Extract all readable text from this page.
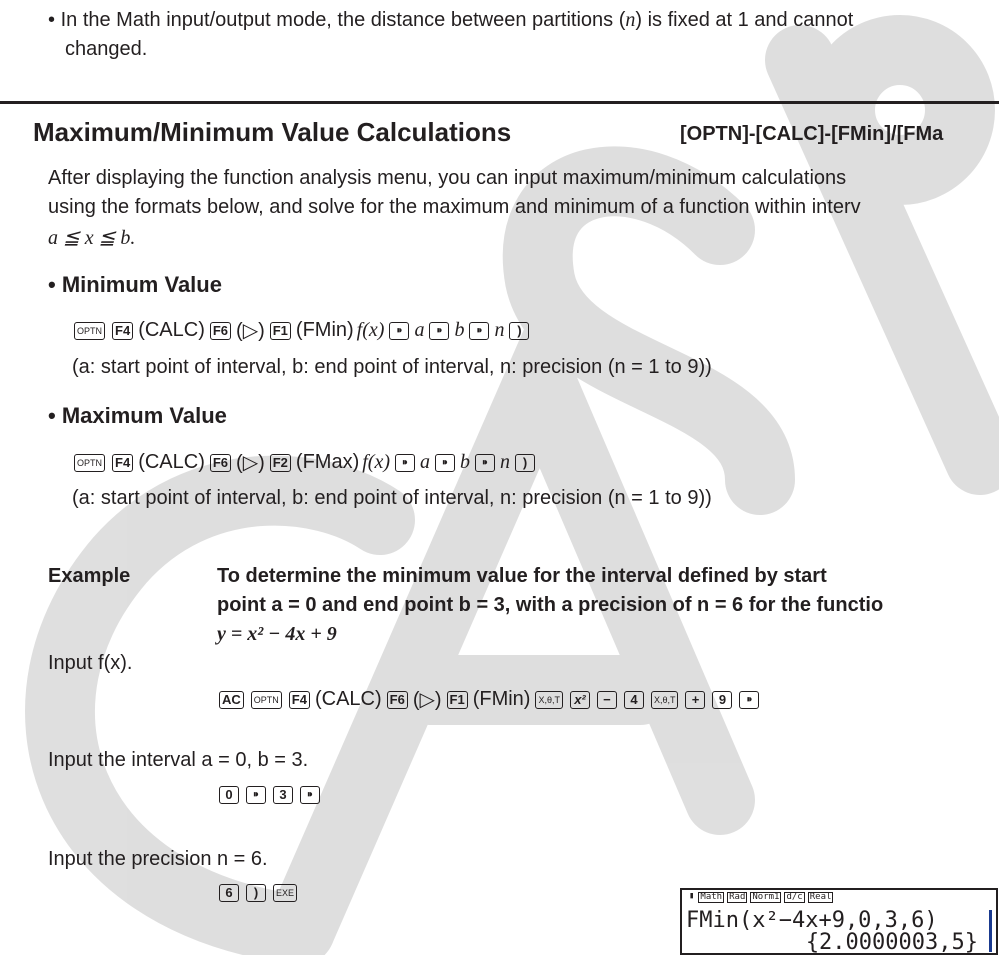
• In the Math input/output mode, the distance between partitions (n) is fixed at 1 and cannot
changed.
Maximum/Minimum Value Calculations	[OPTN]-[CALC]-[FMin]/[FMa
After displaying the function analysis menu, you can input maximum/minimum calculations
using the formats below, and solve for the maximum and minimum of a function within interv
a ≦ x ≦ b.
• Minimum Value
OPTN F4 (CALC) F6 (▷) F1 (FMin) f(x) ⁍ a ⁍ b ⁍ n )
(a: start point of interval, b: end point of interval, n: precision (n = 1 to 9))
• Maximum Value
OPTN F4 (CALC) F6 (▷) F2 (FMax) f(x) ⁍ a ⁍ b ⁍ n )
(a: start point of interval, b: end point of interval, n: precision (n = 1 to 9))
Example	To determine the minimum value for the interval defined by start
point a = 0 and end point b = 3, with a precision of n = 6 for the functio
y = x² − 4x + 9
Input f(x).
AC	OPTN F4 (CALC) F6 (▷) F1 (FMin) X,θ,T	x²	−	4	X,θ,T	+	9	⁍
Input the interval a = 0, b = 3.
0	⁍	3	⁍
Input the precision n = 6.
6	)	EXE	▮ Math Rad Norm1 d/c Real
FMin(x²−4x+9,0,3,6)
{2.0000003,5}
